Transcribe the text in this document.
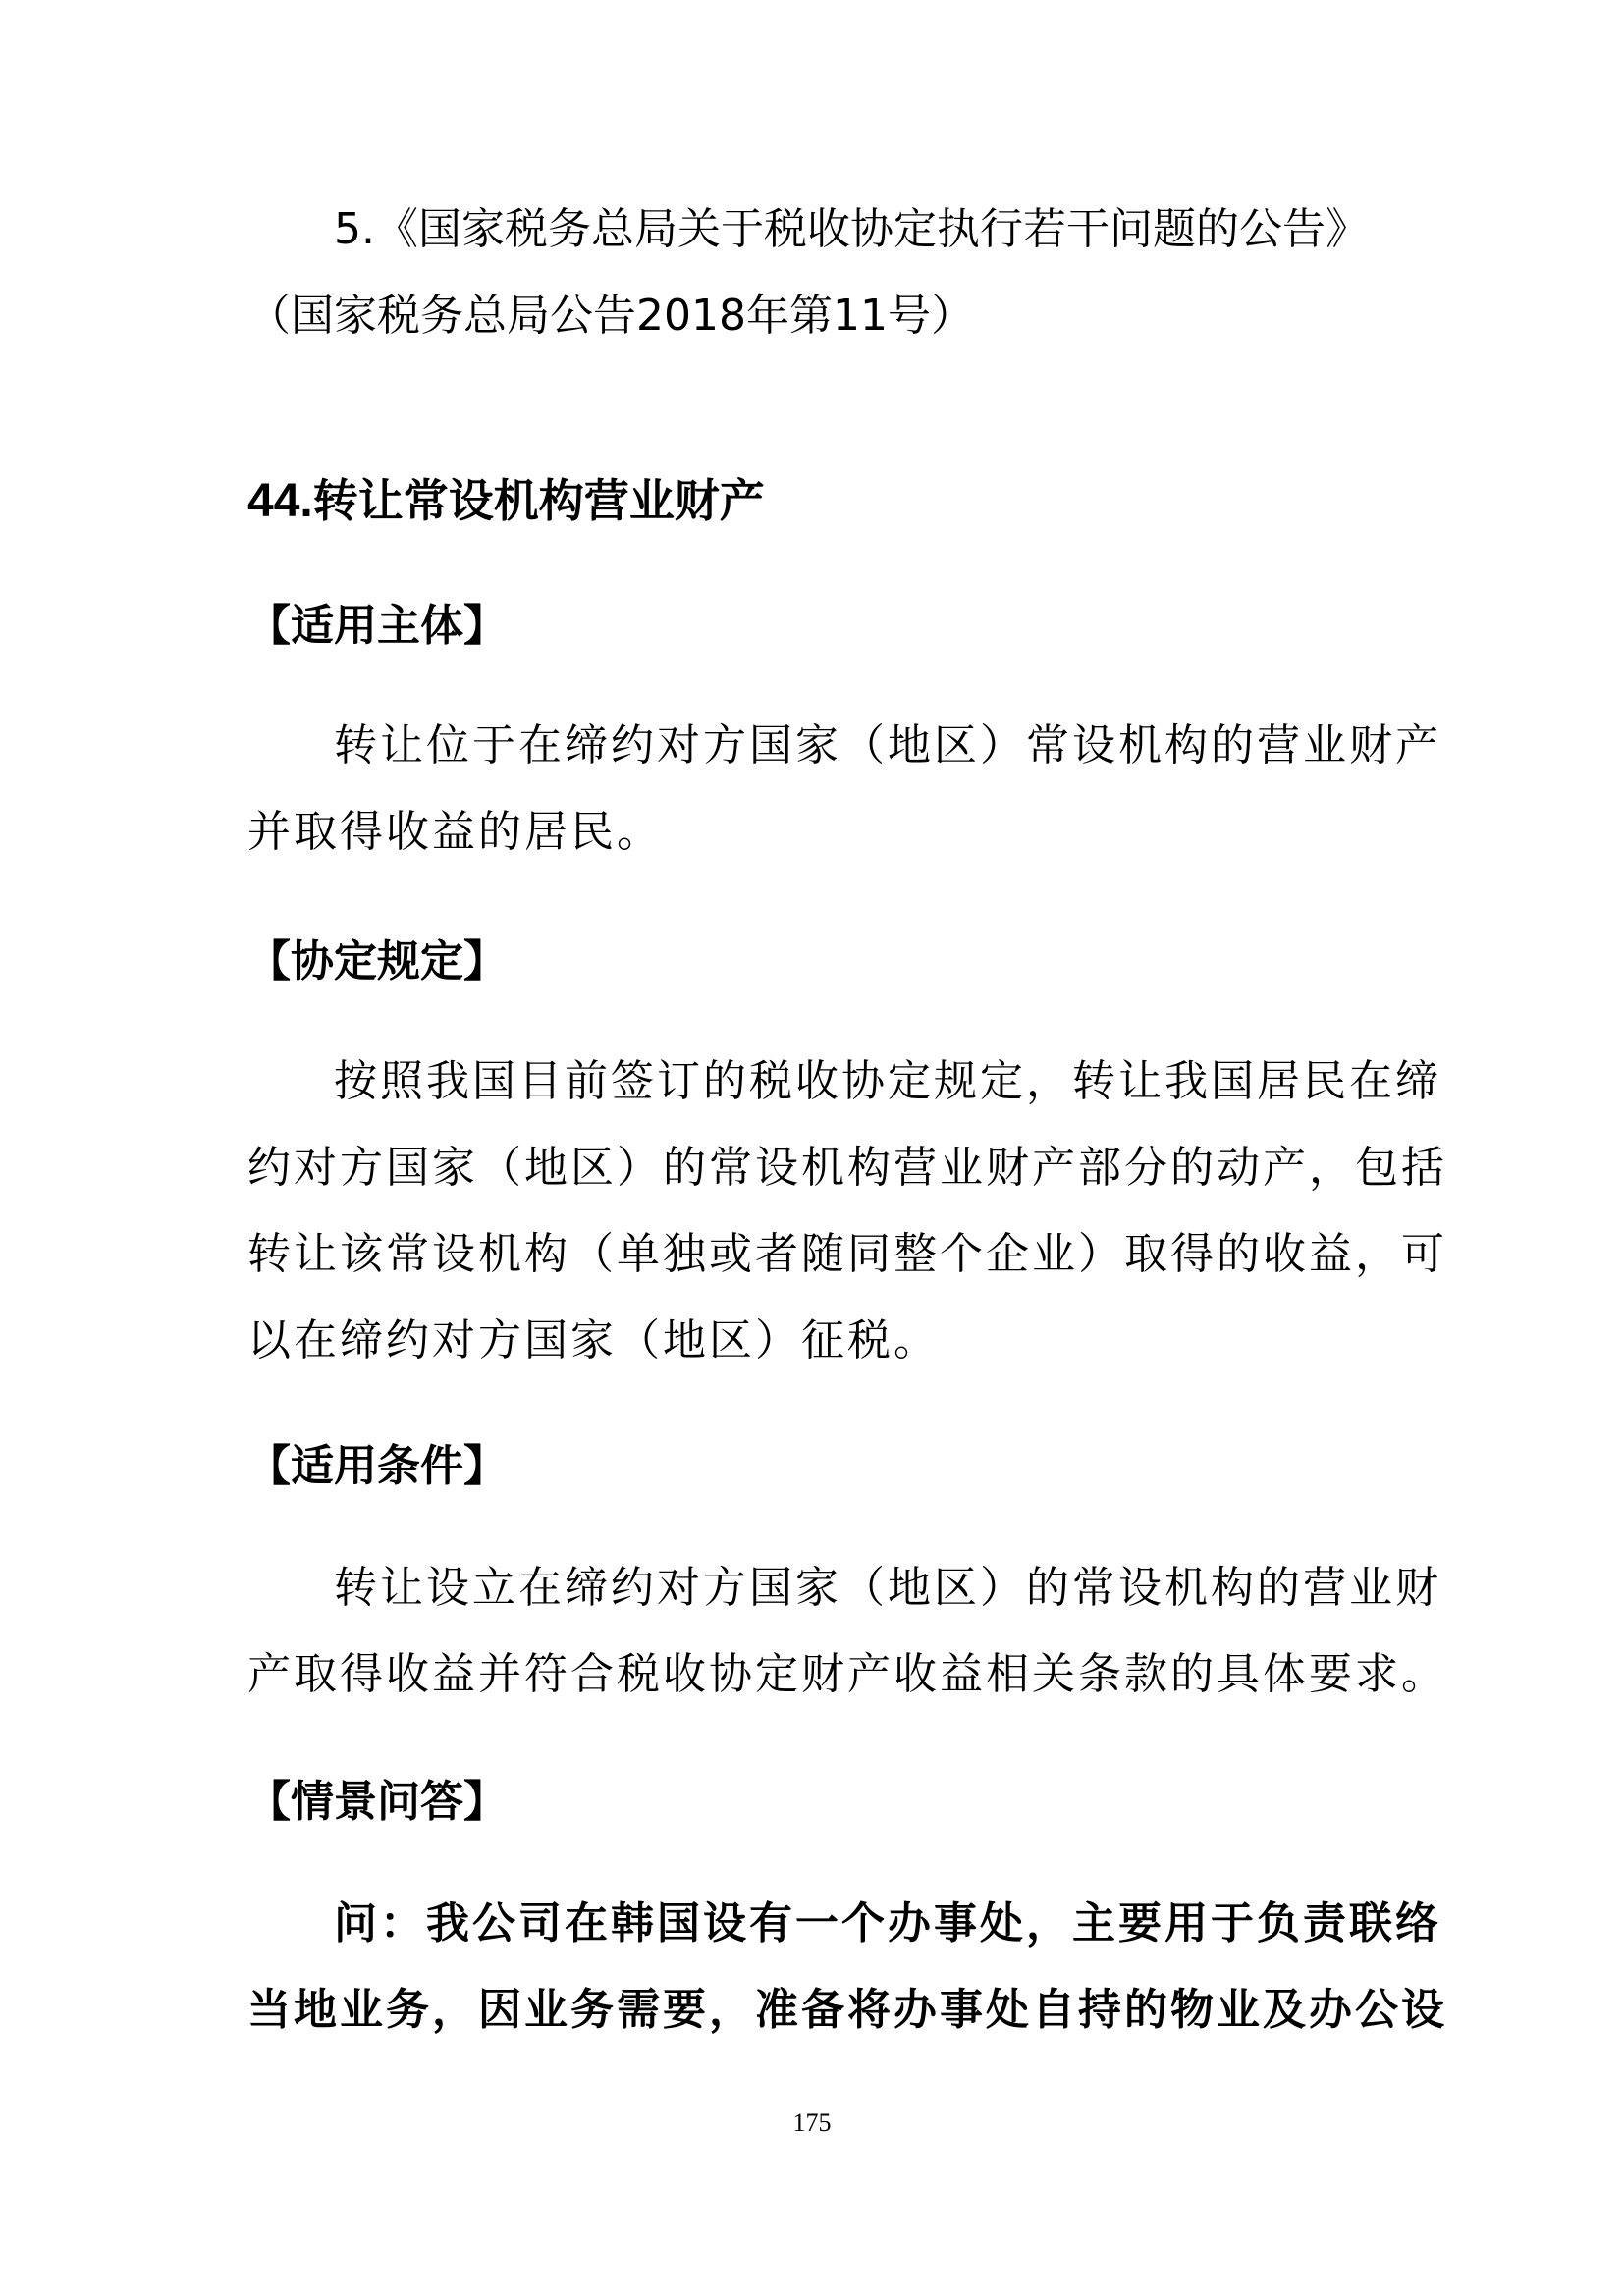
5.《国家税务总局关于税收协定执行若干问题的公告》
（国家税务总局公告2018年第11号）
44.转让常设机构营业财产
【适用主体】
转让位于在缔约对方国家（地区）常设机构的营业财产
并取得收益的居民。
【协定规定】
按照我国目前签订的税收协定规定，转让我国居民在缔
约对方国家（地区）的常设机构营业财产部分的动产，包括
转让该常设机构（单独或者随同整个企业）取得的收益，可
以在缔约对方国家（地区）征税。
【适用条件】
转让设立在缔约对方国家（地区）的常设机构的营业财
产取得收益并符合税收协定财产收益相关条款的具体要求。
【情景问答】
问：我公司在韩国设有一个办事处，主要用于负责联络
当地业务，因业务需要，准备将办事处自持的物业及办公设
175
